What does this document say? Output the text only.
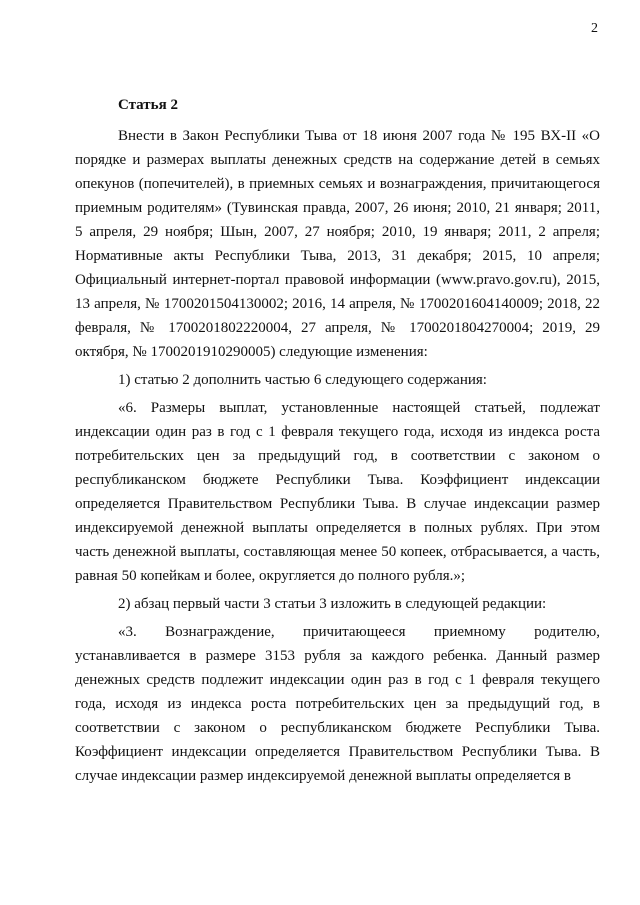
2
Статья 2

Внести в Закон Республики Тыва от 18 июня 2007 года № 195 ВХ-II «О порядке и размерах выплаты денежных средств на содержание детей в семьях опекунов (попечителей), в приемных семьях и вознаграждения, причитающегося приемным родителям» (Тувинская правда, 2007, 26 июня; 2010, 21 января; 2011, 5 апреля, 29 ноября; Шын, 2007, 27 ноября; 2010, 19 января; 2011, 2 апреля; Нормативные акты Республики Тыва, 2013, 31 декабря; 2015, 10 апреля; Официальный интернет-портал правовой информации (www.pravo.gov.ru), 2015, 13 апреля, № 1700201504130002; 2016, 14 апреля, № 1700201604140009; 2018, 22 февраля, № 1700201802220004, 27 апреля, № 1700201804270004; 2019, 29 октября, № 1700201910290005) следующие изменения:

1) статью 2 дополнить частью 6 следующего содержания:

«6. Размеры выплат, установленные настоящей статьей, подлежат индексации один раз в год с 1 февраля текущего года, исходя из индекса роста потребительских цен за предыдущий год, в соответствии с законом о республиканском бюджете Республики Тыва. Коэффициент индексации определяется Правительством Республики Тыва. В случае индексации размер индексируемой денежной выплаты определяется в полных рублях. При этом часть денежной выплаты, составляющая менее 50 копеек, отбрасывается, а часть, равная 50 копейкам и более, округляется до полного рубля.»;

2) абзац первый части 3 статьи 3 изложить в следующей редакции:

«3. Вознаграждение, причитающееся приемному родителю, устанавливается в размере 3153 рубля за каждого ребенка. Данный размер денежных средств подлежит индексации один раз в год с 1 февраля текущего года, исходя из индекса роста потребительских цен за предыдущий год, в соответствии с законом о республиканском бюджете Республики Тыва. Коэффициент индексации определяется Правительством Республики Тыва. В случае индексации размер индексируемой денежной выплаты определяется в
